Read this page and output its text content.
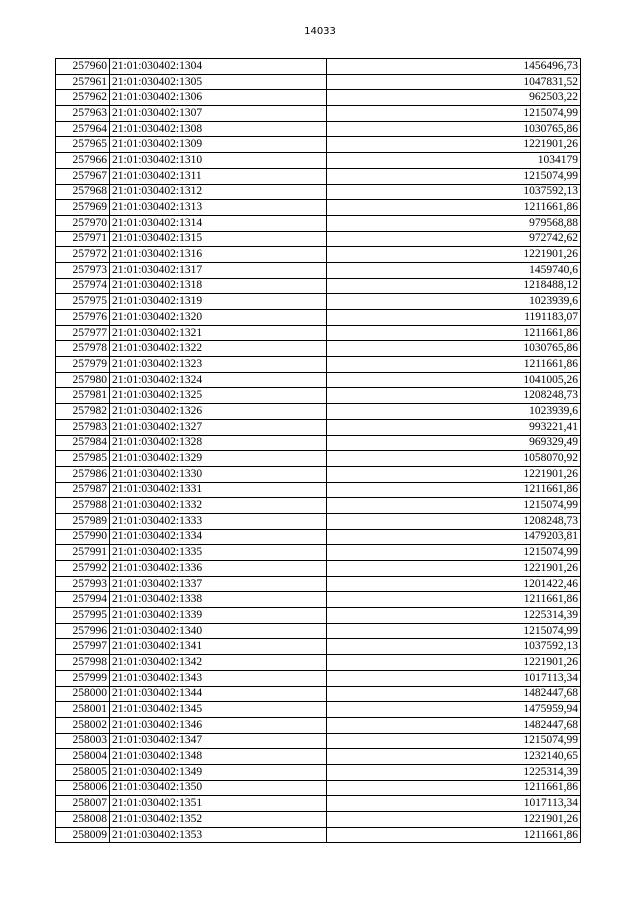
14033
257960	21:01:030402:1304	1456496,73
257961	21:01:030402:1305	1047831,52
257962	21:01:030402:1306	962503,22
257963	21:01:030402:1307	1215074,99
257964	21:01:030402:1308	1030765,86
257965	21:01:030402:1309	1221901,26
257966	21:01:030402:1310	1034179
257967	21:01:030402:1311	1215074,99
257968	21:01:030402:1312	1037592,13
257969	21:01:030402:1313	1211661,86
257970	21:01:030402:1314	979568,88
257971	21:01:030402:1315	972742,62
257972	21:01:030402:1316	1221901,26
257973	21:01:030402:1317	1459740,6
257974	21:01:030402:1318	1218488,12
257975	21:01:030402:1319	1023939,6
257976	21:01:030402:1320	1191183,07
257977	21:01:030402:1321	1211661,86
257978	21:01:030402:1322	1030765,86
257979	21:01:030402:1323	1211661,86
257980	21:01:030402:1324	1041005,26
257981	21:01:030402:1325	1208248,73
257982	21:01:030402:1326	1023939,6
257983	21:01:030402:1327	993221,41
257984	21:01:030402:1328	969329,49
257985	21:01:030402:1329	1058070,92
257986	21:01:030402:1330	1221901,26
257987	21:01:030402:1331	1211661,86
257988	21:01:030402:1332	1215074,99
257989	21:01:030402:1333	1208248,73
257990	21:01:030402:1334	1479203,81
257991	21:01:030402:1335	1215074,99
257992	21:01:030402:1336	1221901,26
257993	21:01:030402:1337	1201422,46
257994	21:01:030402:1338	1211661,86
257995	21:01:030402:1339	1225314,39
257996	21:01:030402:1340	1215074,99
257997	21:01:030402:1341	1037592,13
257998	21:01:030402:1342	1221901,26
257999	21:01:030402:1343	1017113,34
258000	21:01:030402:1344	1482447,68
258001	21:01:030402:1345	1475959,94
258002	21:01:030402:1346	1482447,68
258003	21:01:030402:1347	1215074,99
258004	21:01:030402:1348	1232140,65
258005	21:01:030402:1349	1225314,39
258006	21:01:030402:1350	1211661,86
258007	21:01:030402:1351	1017113,34
258008	21:01:030402:1352	1221901,26
258009	21:01:030402:1353	1211661,86
